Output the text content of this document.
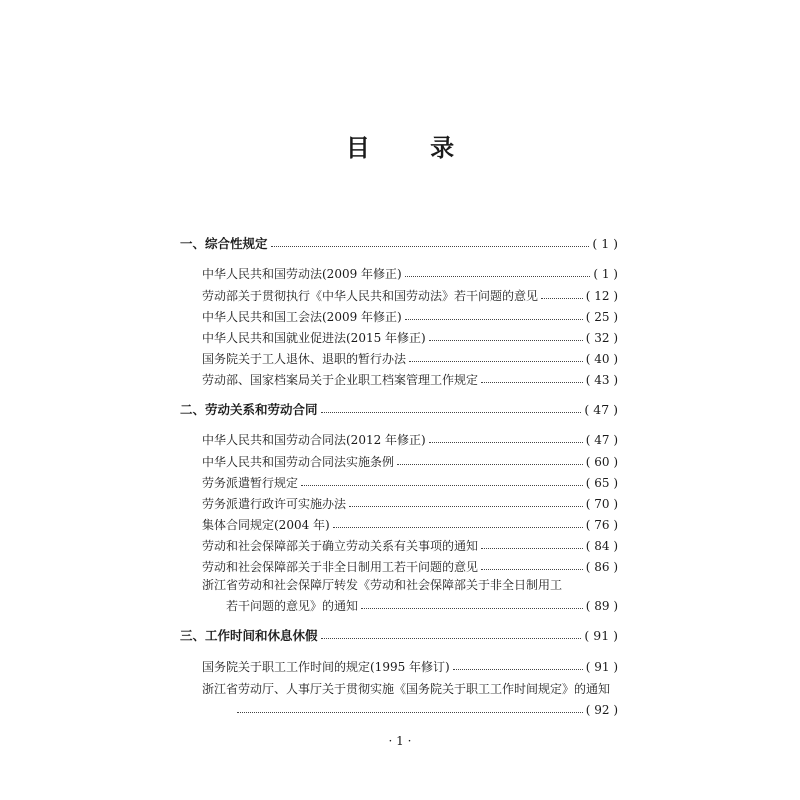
目 录
一、综合性规定	( 1 )
中华人民共和国劳动法(2009 年修正)	( 1 )
劳动部关于贯彻执行《中华人民共和国劳动法》若干问题的意见	( 12 )
中华人民共和国工会法(2009 年修正)	( 25 )
中华人民共和国就业促进法(2015 年修正)	( 32 )
国务院关于工人退休、退职的暂行办法	( 40 )
劳动部、国家档案局关于企业职工档案管理工作规定	( 43 )
二、劳动关系和劳动合同	( 47 )
中华人民共和国劳动合同法(2012 年修正)	( 47 )
中华人民共和国劳动合同法实施条例	( 60 )
劳务派遣暂行规定	( 65 )
劳务派遣行政许可实施办法	( 70 )
集体合同规定(2004 年)	( 76 )
劳动和社会保障部关于确立劳动关系有关事项的通知	( 84 )
劳动和社会保障部关于非全日制用工若干问题的意见	( 86 )
浙江省劳动和社会保障厅转发《劳动和社会保障部关于非全日制用工
若干问题的意见》的通知	( 89 )
三、工作时间和休息休假	( 91 )
国务院关于职工工作时间的规定(1995 年修订)	( 91 )
浙江省劳动厅、人事厅关于贯彻实施《国务院关于职工工作时间规定》的通知
( 92 )
· 1 ·
